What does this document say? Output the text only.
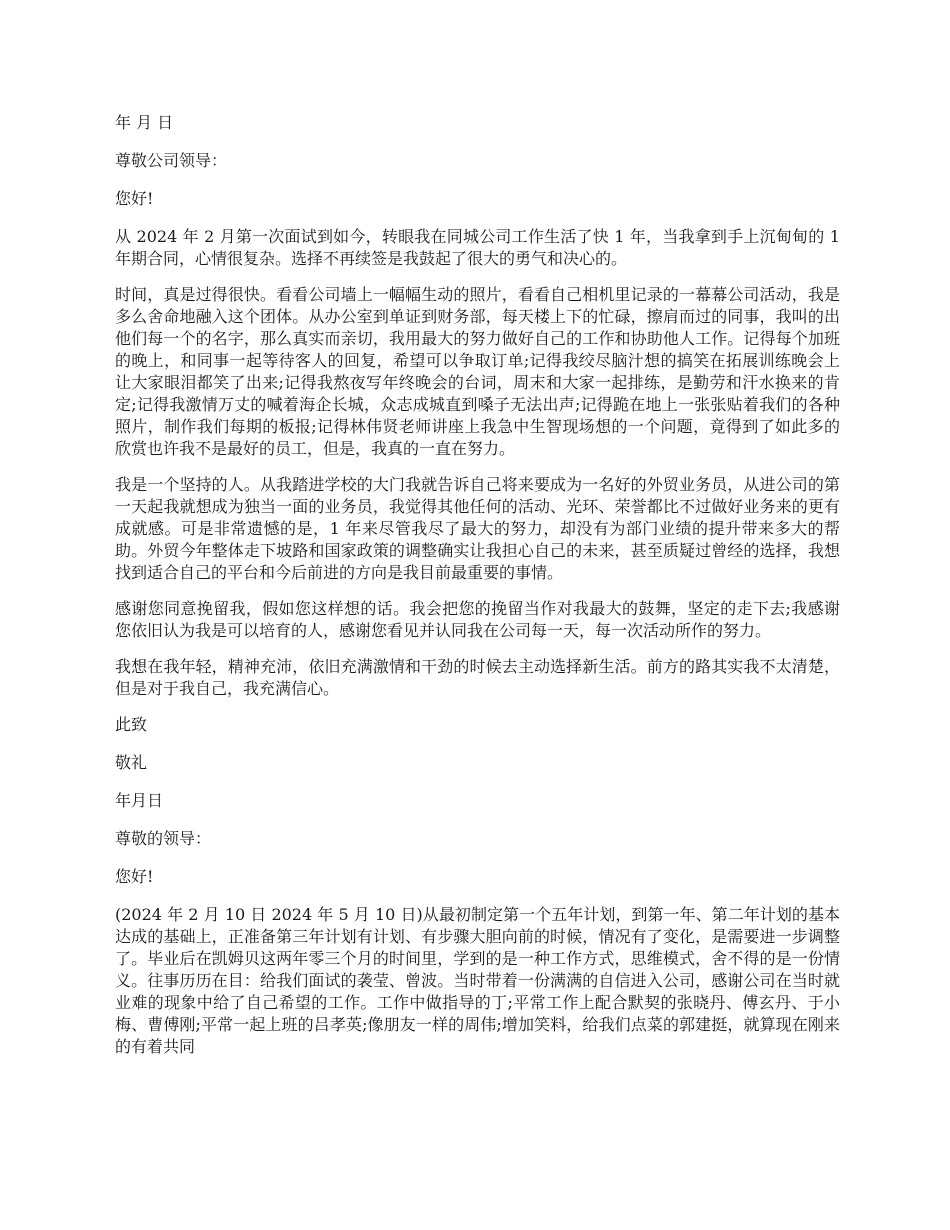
年 月 日

尊敬公司领导：

您好!

从 2024 年 2 月第一次面试到如今，转眼我在同城公司工作生活了快 1 年，当我拿到手上沉甸甸的 1 年期合同，心情很复杂。选择不再续签是我鼓起了很大的勇气和决心的。

时间，真是过得很快。看看公司墙上一幅幅生动的照片，看看自己相机里记录的一幕幕公司活动，我是多么舍命地融入这个团体。从办公室到单证到财务部，每天楼上下的忙碌，擦肩而过的同事，我叫的出他们每一个的名字，那么真实而亲切，我用最大的努力做好自己的工作和协助他人工作。记得每个加班的晚上，和同事一起等待客人的回复，希望可以争取订单;记得我绞尽脑汁想的搞笑在拓展训练晚会上让大家眼泪都笑了出来;记得我熬夜写年终晚会的台词，周末和大家一起排练，是勤劳和汗水换来的肯定;记得我激情万丈的喊着海企长城，众志成城直到嗓子无法出声;记得跪在地上一张张贴着我们的各种照片，制作我们每期的板报;记得林伟贤老师讲座上我急中生智现场想的一个问题，竟得到了如此多的欣赏也许我不是最好的员工，但是，我真的一直在努力。

我是一个坚持的人。从我踏进学校的大门我就告诉自己将来要成为一名好的外贸业务员，从进公司的第一天起我就想成为独当一面的业务员，我觉得其他任何的活动、光环、荣誉都比不过做好业务来的更有成就感。可是非常遗憾的是，1 年来尽管我尽了最大的努力，却没有为部门业绩的提升带来多大的帮助。外贸今年整体走下坡路和国家政策的调整确实让我担心自己的未来，甚至质疑过曾经的选择，我想找到适合自己的平台和今后前进的方向是我目前最重要的事情。

感谢您同意挽留我，假如您这样想的话。我会把您的挽留当作对我最大的鼓舞，坚定的走下去;我感谢您依旧认为我是可以培育的人，感谢您看见并认同我在公司每一天，每一次活动所作的努力。

我想在我年轻，精神充沛，依旧充满激情和干劲的时候去主动选择新生活。前方的路其实我不太清楚，但是对于我自己，我充满信心。

此致

敬礼

年月日

尊敬的领导：

您好!

(2024 年 2 月 10 日 2024 年 5 月 10 日)从最初制定第一个五年计划，到第一年、第二年计划的基本达成的基础上，正准备第三年计划有计划、有步骤大胆向前的时候，情况有了变化，是需要进一步调整了。毕业后在凯姆贝这两年零三个月的时间里，学到的是一种工作方式，思维模式，舍不得的是一份情义。往事历历在目：给我们面试的袭莹、曾波。当时带着一份满满的自信进入公司，感谢公司在当时就业难的现象中给了自己希望的工作。工作中做指导的丁;平常工作上配合默契的张晓丹、傅玄丹、于小梅、曹傅刚;平常一起上班的吕孝英;像朋友一样的周伟;增加笑料，给我们点菜的郭建挺，就算现在刚来的有着共同
